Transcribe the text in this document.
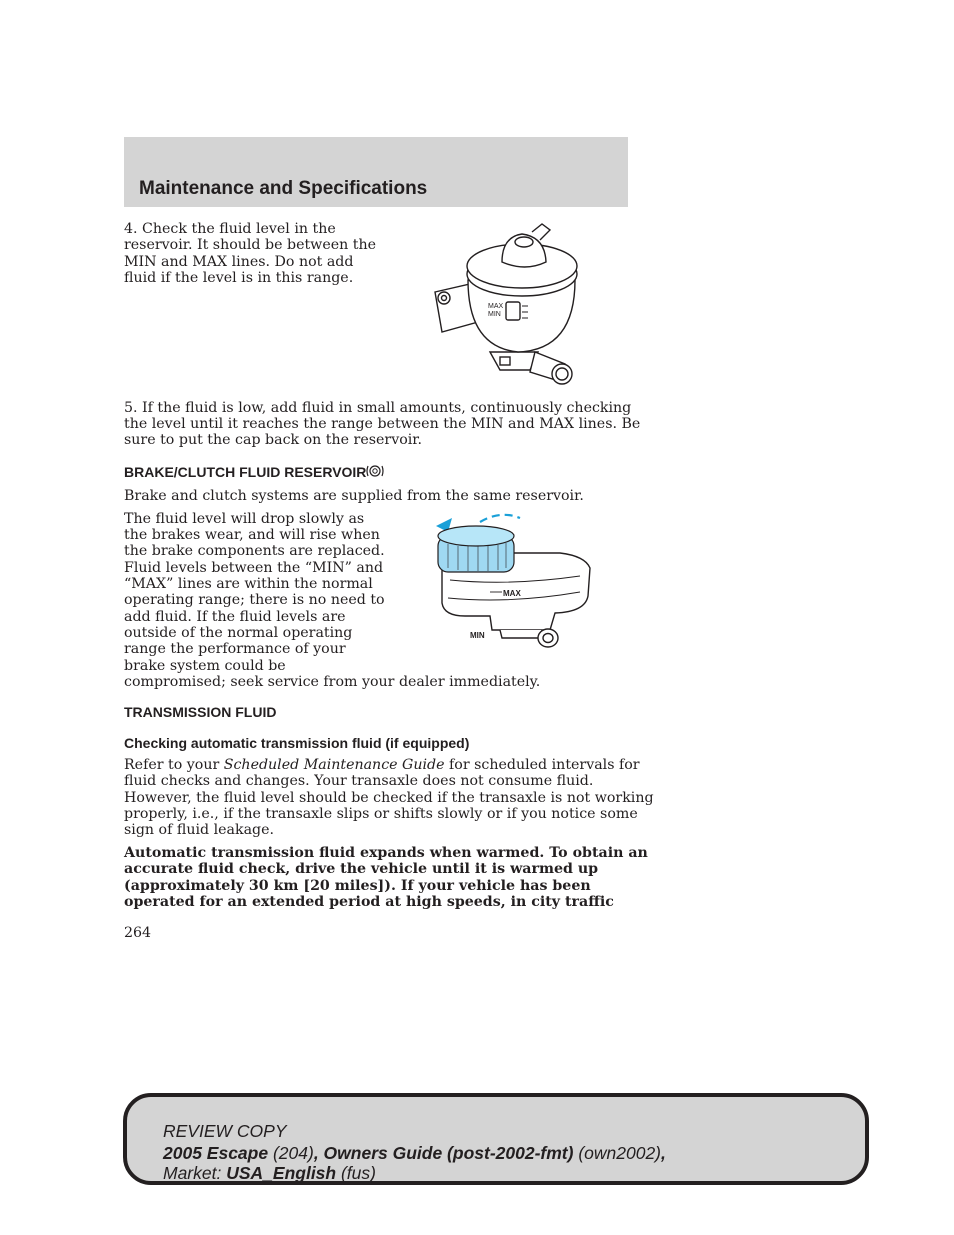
Maintenance and Specifications

4. Check the fluid level in the

reservoir. It should be between the

MIN and MAX lines. Do not add

fluid if the level is in this range.

MAX
MIN

5. If the fluid is low, add fluid in small amounts, continuously checking

the level until it reaches the range between the MIN and MAX lines. Be

sure to put the cap back on the reservoir.

BRAKE/CLUTCH FLUID RESERVOIR

Brake and clutch systems are supplied from the same reservoir.

The fluid level will drop slowly as

the brakes wear, and will rise when

the brake components are replaced.

Fluid levels between the “MIN” and

“MAX” lines are within the normal

operating range; there is no need to

add fluid. If the fluid levels are

outside of the normal operating

range the performance of your

brake system could be

compromised; seek service from your dealer immediately.

MAX
MIN
TRANSMISSION FLUID
Checking automatic transmission fluid (if equipped)

Refer to your Scheduled Maintenance Guide for scheduled intervals for

fluid checks and changes. Your transaxle does not consume fluid.

However, the fluid level should be checked if the transaxle is not working

properly, i.e., if the transaxle slips or shifts slowly or if you notice some

sign of fluid leakage.

Automatic transmission fluid expands when warmed. To obtain an

accurate fluid check, drive the vehicle until it is warmed up

(approximately 30 km [20 miles]). If your vehicle has been

operated for an extended period at high speeds, in city traffic

264

REVIEW COPY

2005 Escape (204), Owners Guide (post-2002-fmt) (own2002),

Market: USA_English (fus)
